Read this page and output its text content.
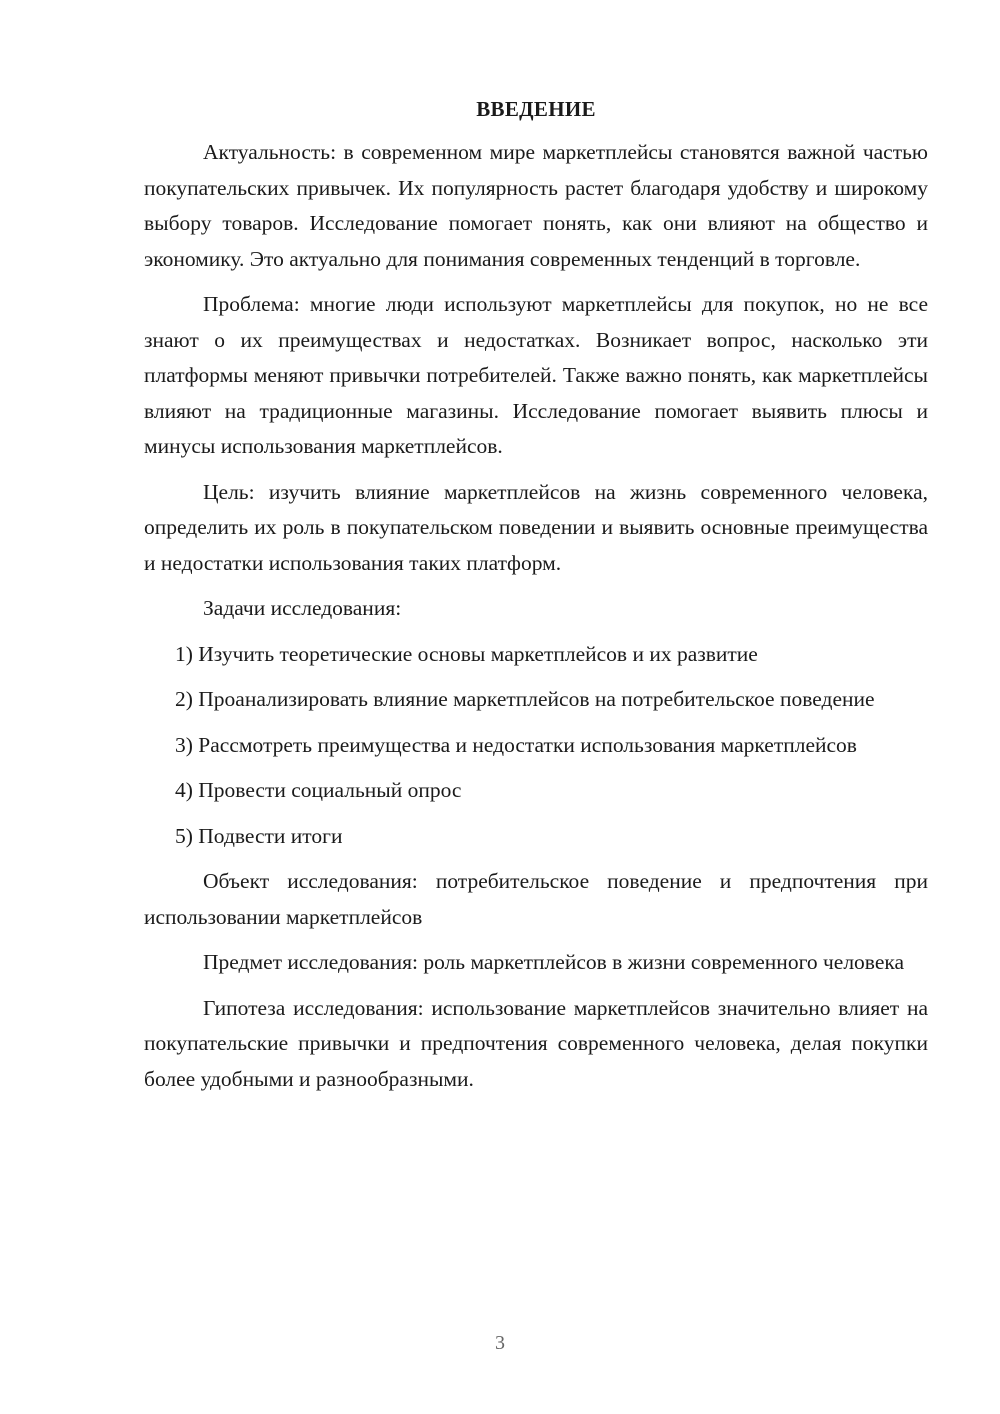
ВВЕДЕНИЕ

Актуальность: в современном мире маркетплейсы становятся важной частью покупательских привычек. Их популярность растет благодаря удобству и широкому выбору товаров. Исследование помогает понять, как они влияют на общество и экономику. Это актуально для понимания современных тенденций в торговле.

Проблема: многие люди используют маркетплейсы для покупок, но не все знают о их преимуществах и недостатках. Возникает вопрос, насколько эти платформы меняют привычки потребителей. Также важно понять, как маркетплейсы влияют на традиционные магазины. Исследование помогает выявить плюсы и минусы использования маркетплейсов.

Цель: изучить влияние маркетплейсов на жизнь современного человека, определить их роль в покупательском поведении и выявить основные преимущества и недостатки использования таких платформ.

Задачи исследования:

1) Изучить теоретические основы маркетплейсов и их развитие

2) Проанализировать влияние маркетплейсов на потребительское поведение

3) Рассмотреть преимущества и недостатки использования маркетплейсов

4) Провести социальный опрос

5) Подвести итоги

Объект исследования: потребительское поведение и предпочтения при использовании маркетплейсов

Предмет исследования: роль маркетплейсов в жизни современного человека

Гипотеза исследования: использование маркетплейсов значительно влияет на покупательские привычки и предпочтения современного человека, делая покупки более удобными и разнообразными.

3
